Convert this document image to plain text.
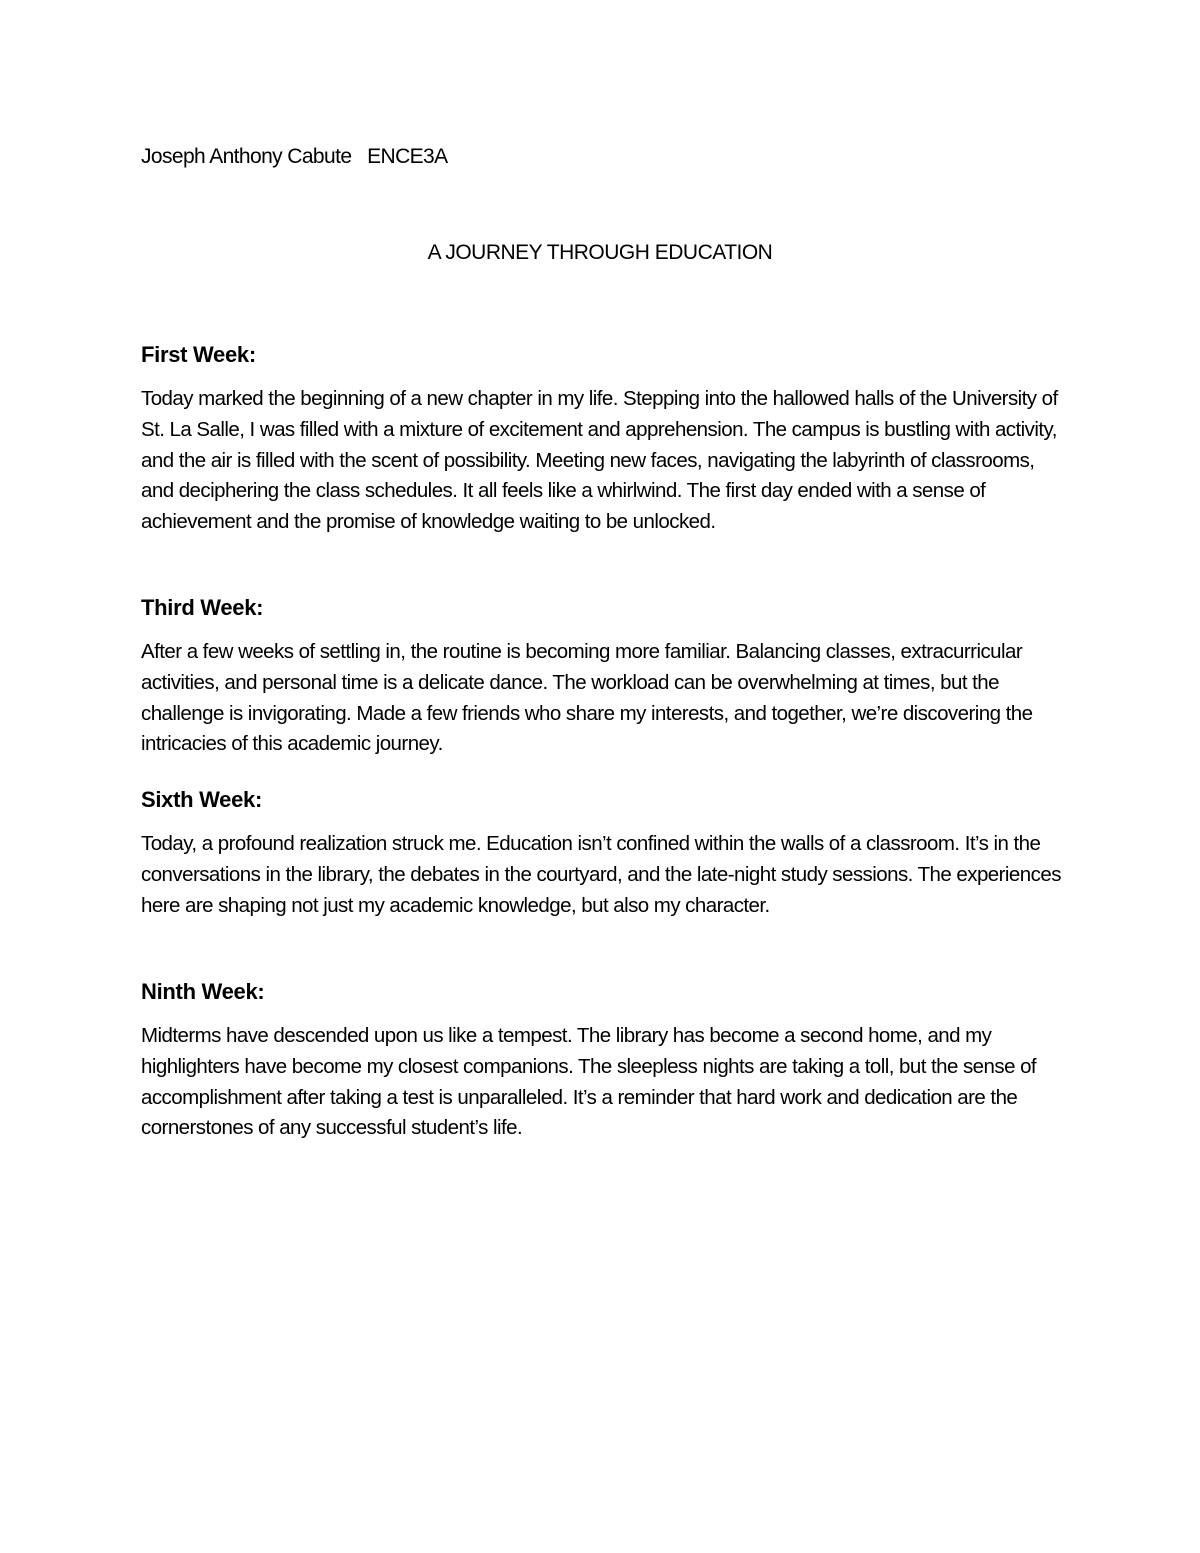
Joseph Anthony Cabute   ENCE3A
A JOURNEY THROUGH EDUCATION
First Week:

Today marked the beginning of a new chapter in my life. Stepping into the hallowed halls of the University of St. La Salle, I was filled with a mixture of excitement and apprehension. The campus is bustling with activity, and the air is filled with the scent of possibility. Meeting new faces, navigating the labyrinth of classrooms, and deciphering the class schedules. It all feels like a whirlwind. The first day ended with a sense of achievement and the promise of knowledge waiting to be unlocked.

Third Week:

After a few weeks of settling in, the routine is becoming more familiar. Balancing classes, extracurricular activities, and personal time is a delicate dance. The workload can be overwhelming at times, but the challenge is invigorating. Made a few friends who share my interests, and together, we’re discovering the intricacies of this academic journey.

Sixth Week:

Today, a profound realization struck me. Education isn’t confined within the walls of a classroom. It’s in the conversations in the library, the debates in the courtyard, and the late-night study sessions. The experiences here are shaping not just my academic knowledge, but also my character.

Ninth Week:

Midterms have descended upon us like a tempest. The library has become a second home, and my highlighters have become my closest companions. The sleepless nights are taking a toll, but the sense of accomplishment after taking a test is unparalleled. It’s a reminder that hard work and dedication are the cornerstones of any successful student’s life.
